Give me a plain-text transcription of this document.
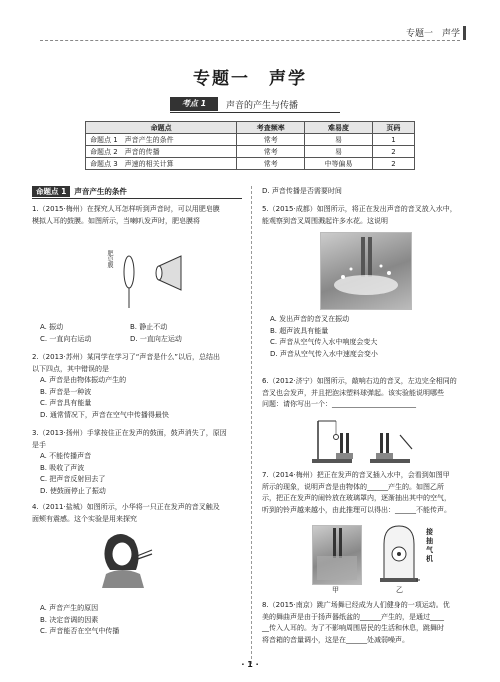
专题一　声学
专题一　声学
考点 1	声音的产生与传播
命题点	考查频率	难易度	页码
命题点 1　声音产生的条件	常考	易	1
命题点 2　声音的传播	常考	易	2
命题点 3　声速的相关计算	常考	中等偏易	2
命题点 1 声音产生的条件
1.（2015·梅州）在探究人耳怎样听到声音时，可以用肥皂膜
模拟人耳的鼓膜。如图所示，当喇叭发声时，肥皂膜将
肥皂膜
A. 振动	B. 静止不动
C. 一直向右运动	D. 一直向左运动
2.（2013·苏州）某同学在学习了“声音是什么”以后，总结出
以下四点，其中错误的是
A. 声音是由物体振动产生的
B. 声音是一种波
C. 声音具有能量
D. 通常情况下，声音在空气中传播得最快
3.（2013·扬州）手掌按住正在发声的鼓面，鼓声消失了，原因
是手
A. 不能传播声音
B. 吸收了声波
C. 把声音反射回去了
D. 使鼓面停止了振动
4.（2011·盐城）如图所示，小华将一只正在发声的音叉触及
面颊有震感。这个实验是用来探究
A. 声音产生的原因
B. 决定音调的因素
C. 声音能否在空气中传播
D. 声音传播是否需要时间
5.（2015·成都）如图所示，将正在发出声音的音叉放入水中，
能观察到音叉周围溅起许多水花。这说明
A. 发出声音的音叉在振动
B. 超声波具有能量
C. 声音从空气传入水中响度会变大
D. 声音从空气传入水中速度会变小
6.（2012·济宁）如图所示，敲响右边的音叉，左边完全相同的
音叉也会发声，并且把泡沫塑料球弹起。该实验能说明哪些
问题：请你写出一个：________________________
7.（2014·梅州）把正在发声的音叉插入水中，会看到如图甲
所示的现象，说明声音是由物体的______产生的。如图乙所
示，把正在发声的闹铃放在玻璃罩内，逐渐抽出其中的空气，
听到的铃声越来越小，由此推理可以得出：______不能传声。
甲	乙
接抽气机
8.（2015·南京）跳广场舞已经成为人们健身的一项运动。优
美的舞曲声是由于扬声器纸盆的______产生的，是通过____
__传入人耳的。为了不影响周围居民的生活和休息，跳舞时
将音箱的音量调小，这是在______处减弱噪声。
· 1 ·
